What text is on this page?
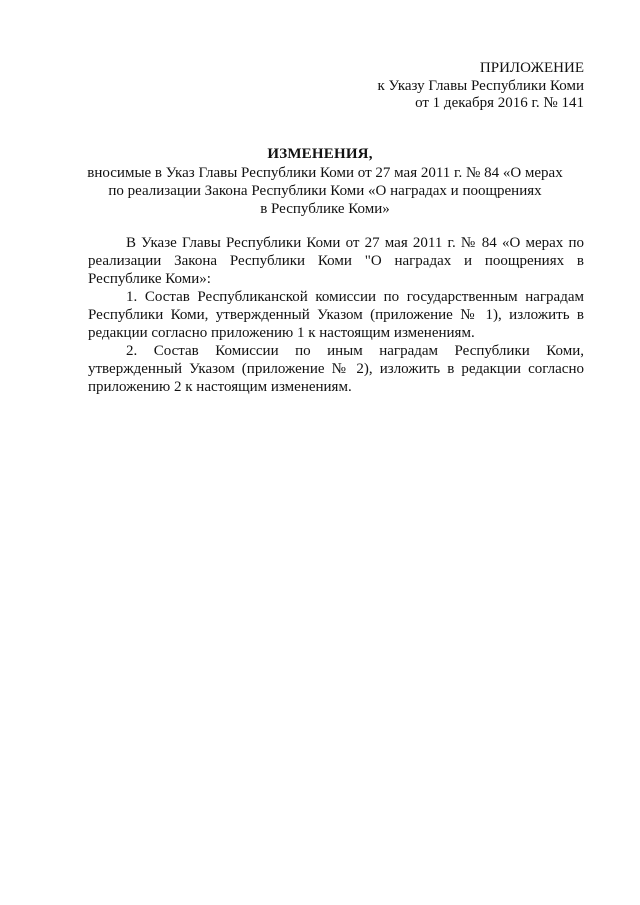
ПРИЛОЖЕНИЕ
к Указу Главы Республики Коми
от 1 декабря 2016 г. № 141
ИЗМЕНЕНИЯ,
вносимые в Указ Главы Республики Коми от 27 мая 2011 г. № 84 «О мерах
по реализации Закона Республики Коми «О наградах и поощрениях
в Республике Коми»

В Указе Главы Республики Коми от 27 мая 2011 г. № 84 «О мерах по реализации Закона Республики Коми "О наградах и поощрениях в Республике Коми»:

1. Состав Республиканской комиссии по государственным наградам Республики Коми, утвержденный Указом (приложение № 1), изложить в редакции согласно приложению 1 к настоящим изменениям.

2. Состав Комиссии по иным наградам Республики Коми, утвержденный Указом (приложение № 2), изложить в редакции согласно приложению 2 к настоящим изменениям.
